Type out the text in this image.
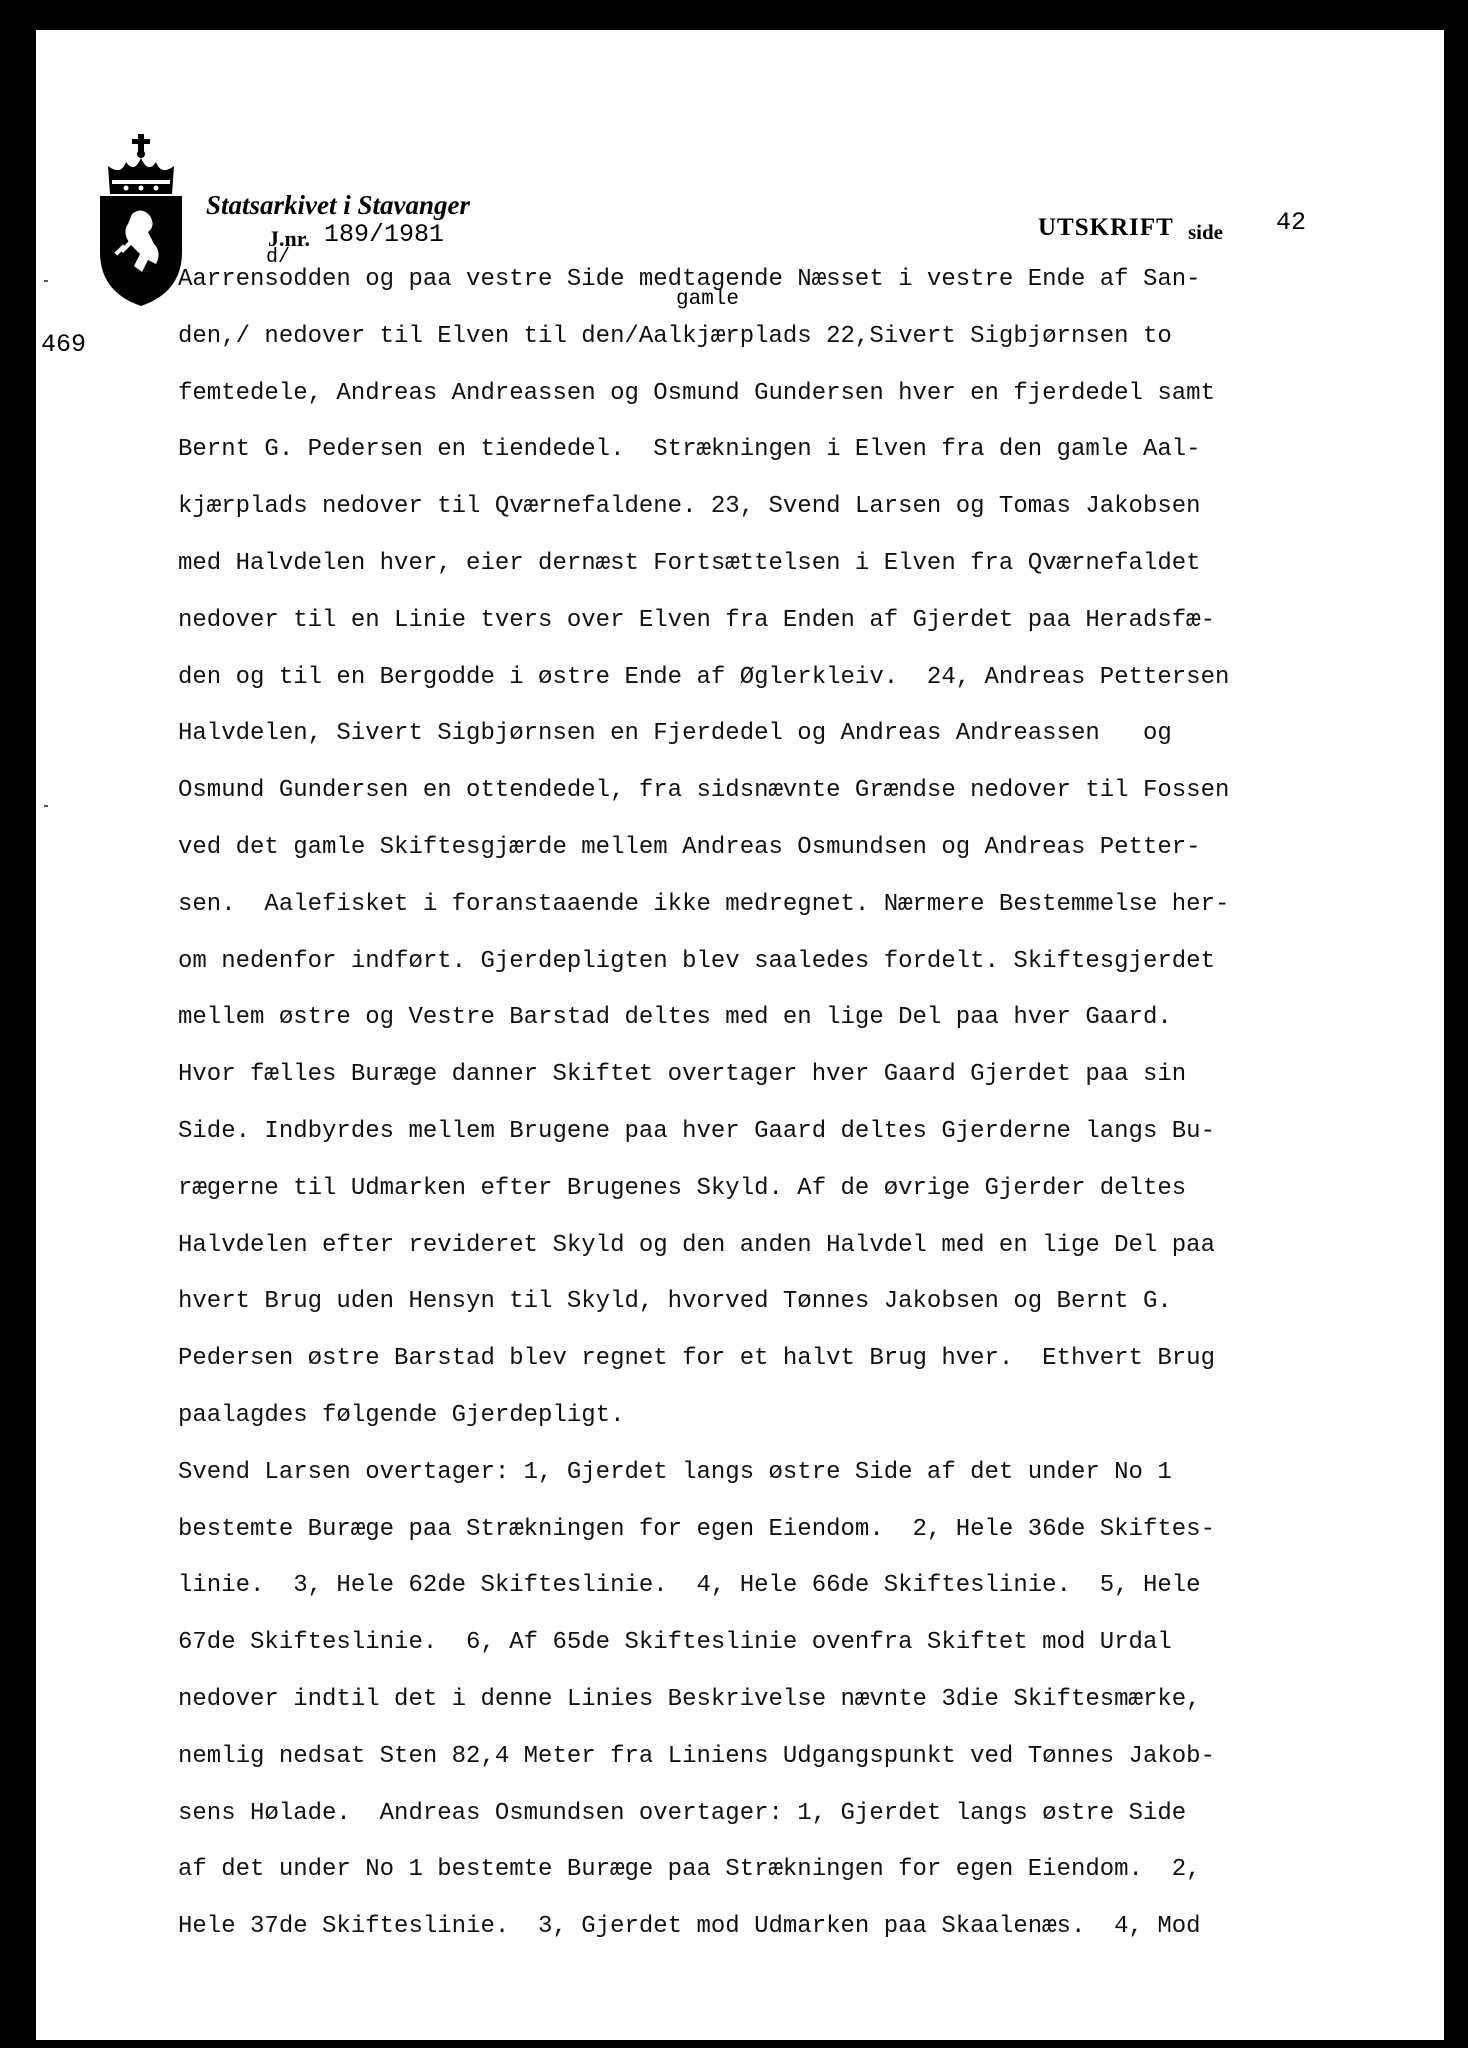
Statsarkivet i Stavanger
J.nr. 189/1981	UTSKRIFT side 42
d/
gamle
469
Aarrensodden og paa vestre Side medtagende Næsset i vestre Ende af San-
den,/ nedover til Elven til den/Aalkjærplads 22,Sivert Sigbjørnsen to
femtedele, Andreas Andreassen og Osmund Gundersen hver en fjerdedel samt
Bernt G. Pedersen en tiendedel.  Strækningen i Elven fra den gamle Aal-
kjærplads nedover til Qværnefaldene. 23, Svend Larsen og Tomas Jakobsen
med Halvdelen hver, eier dernæst Fortsættelsen i Elven fra Qværnefaldet
nedover til en Linie tvers over Elven fra Enden af Gjerdet paa Heradsfæ-
den og til en Bergodde i østre Ende af Øglerkleiv.  24, Andreas Pettersen
Halvdelen, Sivert Sigbjørnsen en Fjerdedel og Andreas Andreassen   og
Osmund Gundersen en ottendedel, fra sidsnævnte Grændse nedover til Fossen
ved det gamle Skiftesgjærde mellem Andreas Osmundsen og Andreas Petter-
sen.  Aalefisket i foranstaaende ikke medregnet. Nærmere Bestemmelse her-
om nedenfor indført. Gjerdepligten blev saaledes fordelt. Skiftesgjerdet
mellem østre og Vestre Barstad deltes med en lige Del paa hver Gaard.
Hvor fælles Buræge danner Skiftet overtager hver Gaard Gjerdet paa sin
Side. Indbyrdes mellem Brugene paa hver Gaard deltes Gjerderne langs Bu-
rægerne til Udmarken efter Brugenes Skyld. Af de øvrige Gjerder deltes
Halvdelen efter revideret Skyld og den anden Halvdel med en lige Del paa
hvert Brug uden Hensyn til Skyld, hvorved Tønnes Jakobsen og Bernt G.
Pedersen østre Barstad blev regnet for et halvt Brug hver.  Ethvert Brug
paalagdes følgende Gjerdepligt.
Svend Larsen overtager: 1, Gjerdet langs østre Side af det under No 1
bestemte Buræge paa Strækningen for egen Eiendom.  2, Hele 36de Skiftes-
linie.  3, Hele 62de Skifteslinie.  4, Hele 66de Skifteslinie.  5, Hele
67de Skifteslinie.  6, Af 65de Skifteslinie ovenfra Skiftet mod Urdal
nedover indtil det i denne Linies Beskrivelse nævnte 3die Skiftesmærke,
nemlig nedsat Sten 82,4 Meter fra Liniens Udgangspunkt ved Tønnes Jakob-
sens Hølade.  Andreas Osmundsen overtager: 1, Gjerdet langs østre Side
af det under No 1 bestemte Buræge paa Strækningen for egen Eiendom.  2,
Hele 37de Skifteslinie.  3, Gjerdet mod Udmarken paa Skaalenæs.  4, Mod
